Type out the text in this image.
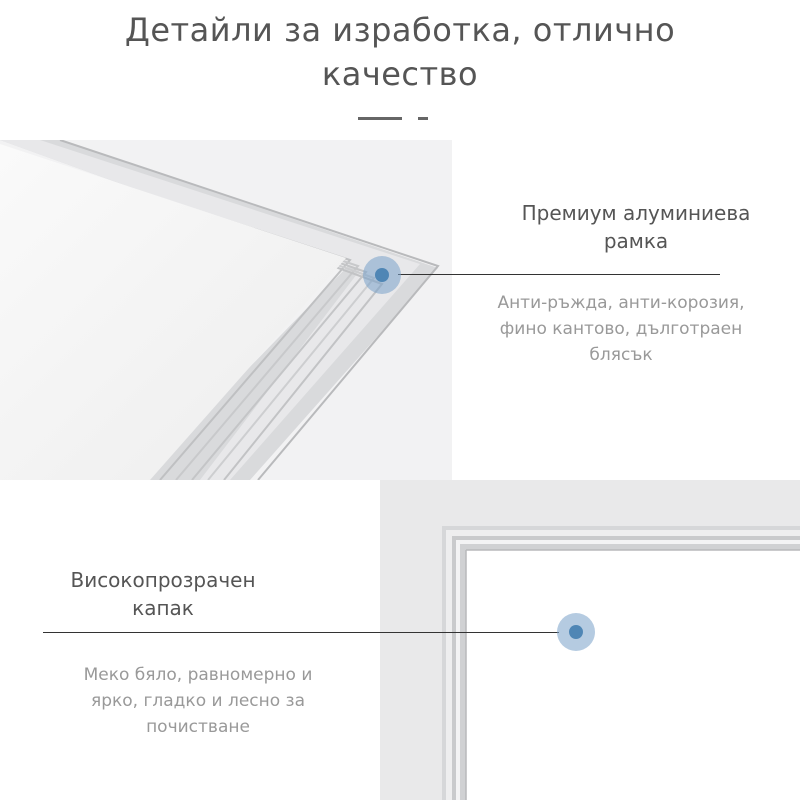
Детайли за изработка, отлично
качество
Премиум алуминиева
рамка
Анти-ръжда, анти-корозия,
фино кантово, дълготраен
блясък
Високопрозрачен
капак
Меко бяло, равномерно и
ярко, гладко и лесно за
почистване
